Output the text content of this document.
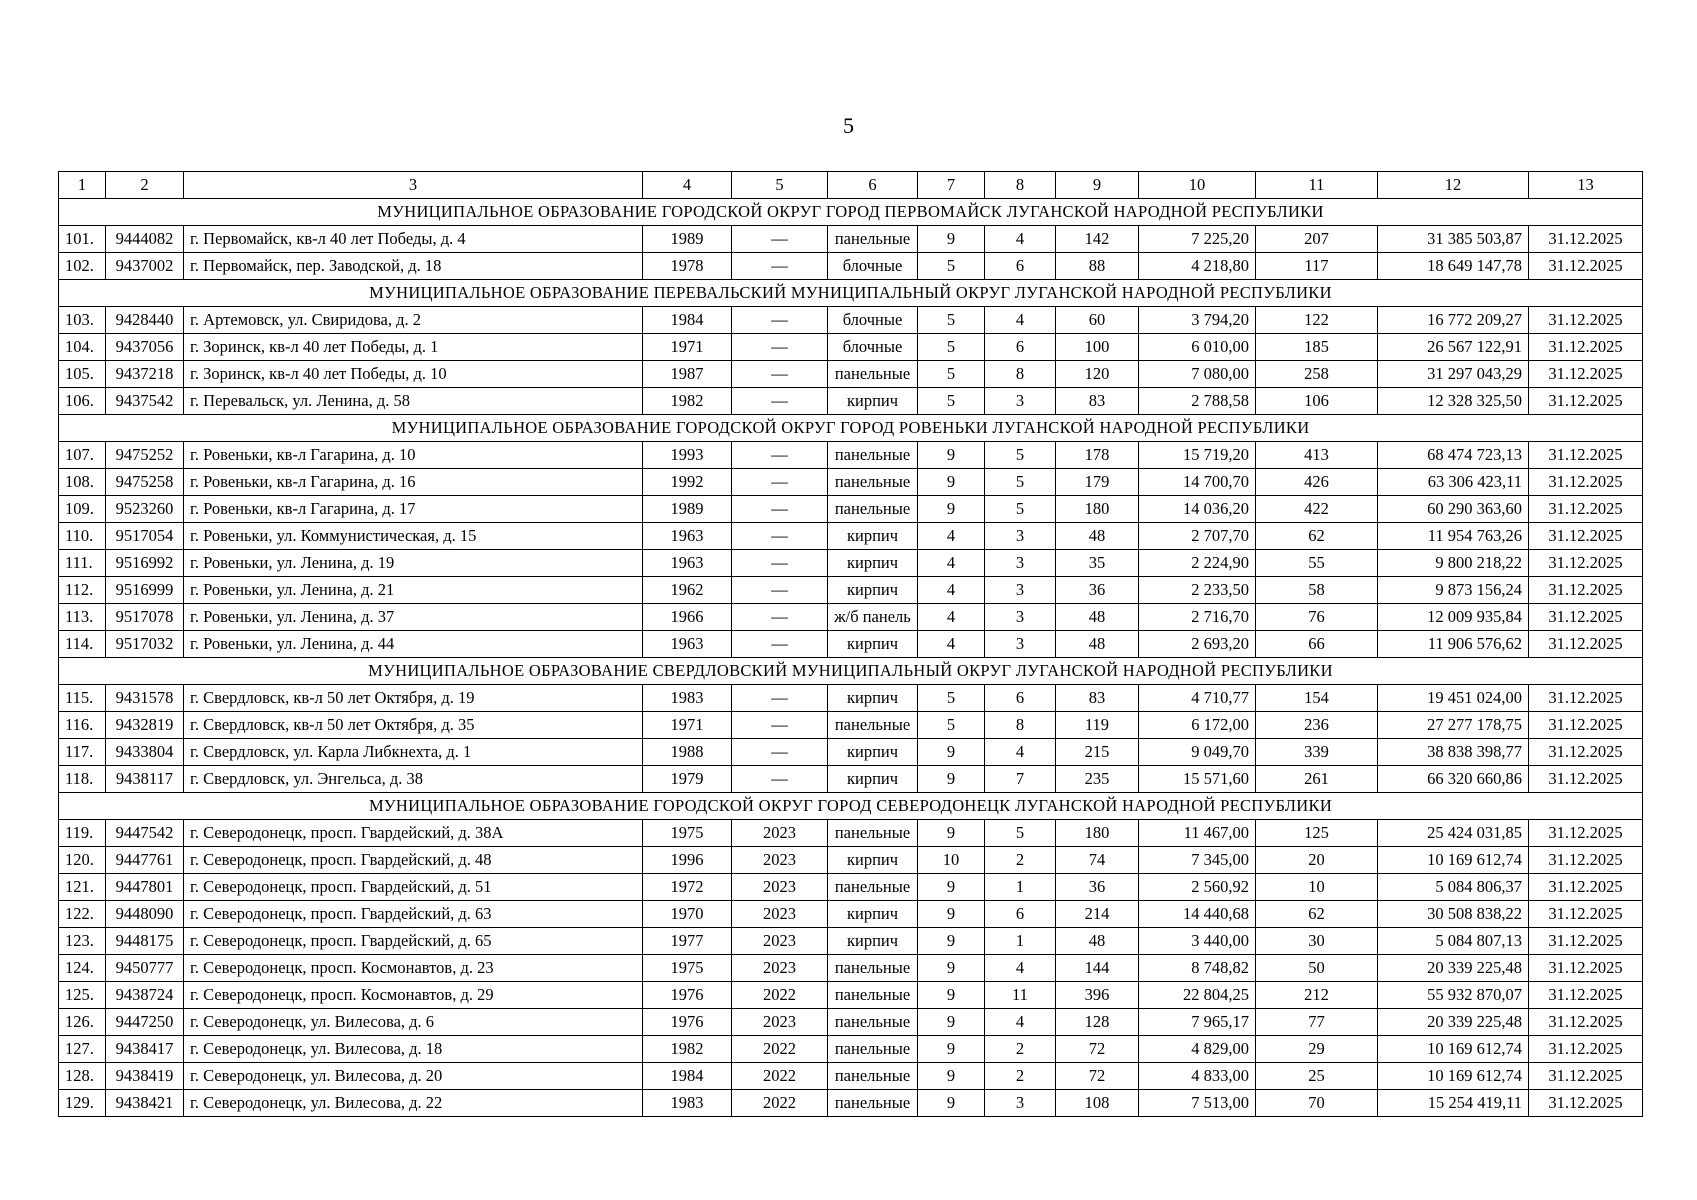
5
1	2	3	4	5	6	7	8	9	10	11	12	13
МУНИЦИПАЛЬНОЕ ОБРАЗОВАНИЕ ГОРОДСКОЙ ОКРУГ ГОРОД ПЕРВОМАЙСК ЛУГАНСКОЙ НАРОДНОЙ РЕСПУБЛИКИ												
101.	9444082	г. Первомайск, кв-л 40 лет Победы, д. 4	1989	—	панельные	9	4	142	7 225,20	207	31 385 503,87	31.12.2025
102.	9437002	г. Первомайск, пер. Заводской, д. 18	1978	—	блочные	5	6	88	4 218,80	117	18 649 147,78	31.12.2025
МУНИЦИПАЛЬНОЕ ОБРАЗОВАНИЕ ПЕРЕВАЛЬСКИЙ МУНИЦИПАЛЬНЫЙ ОКРУГ ЛУГАНСКОЙ НАРОДНОЙ РЕСПУБЛИКИ												
103.	9428440	г. Артемовск, ул. Свиридова, д. 2	1984	—	блочные	5	4	60	3 794,20	122	16 772 209,27	31.12.2025
104.	9437056	г. Зоринск, кв-л 40 лет Победы, д. 1	1971	—	блочные	5	6	100	6 010,00	185	26 567 122,91	31.12.2025
105.	9437218	г. Зоринск, кв-л 40 лет Победы, д. 10	1987	—	панельные	5	8	120	7 080,00	258	31 297 043,29	31.12.2025
106.	9437542	г. Перевальск, ул. Ленина, д. 58	1982	—	кирпич	5	3	83	2 788,58	106	12 328 325,50	31.12.2025
МУНИЦИПАЛЬНОЕ ОБРАЗОВАНИЕ ГОРОДСКОЙ ОКРУГ ГОРОД РОВЕНЬКИ ЛУГАНСКОЙ НАРОДНОЙ РЕСПУБЛИКИ												
107.	9475252	г. Ровеньки, кв-л Гагарина, д. 10	1993	—	панельные	9	5	178	15 719,20	413	68 474 723,13	31.12.2025
108.	9475258	г. Ровеньки, кв-л Гагарина, д. 16	1992	—	панельные	9	5	179	14 700,70	426	63 306 423,11	31.12.2025
109.	9523260	г. Ровеньки, кв-л Гагарина, д. 17	1989	—	панельные	9	5	180	14 036,20	422	60 290 363,60	31.12.2025
110.	9517054	г. Ровеньки, ул. Коммунистическая, д. 15	1963	—	кирпич	4	3	48	2 707,70	62	11 954 763,26	31.12.2025
111.	9516992	г. Ровеньки, ул. Ленина, д. 19	1963	—	кирпич	4	3	35	2 224,90	55	9 800 218,22	31.12.2025
112.	9516999	г. Ровеньки, ул. Ленина, д. 21	1962	—	кирпич	4	3	36	2 233,50	58	9 873 156,24	31.12.2025
113.	9517078	г. Ровеньки, ул. Ленина, д. 37	1966	—	ж/б панель	4	3	48	2 716,70	76	12 009 935,84	31.12.2025
114.	9517032	г. Ровеньки, ул. Ленина, д. 44	1963	—	кирпич	4	3	48	2 693,20	66	11 906 576,62	31.12.2025
МУНИЦИПАЛЬНОЕ ОБРАЗОВАНИЕ СВЕРДЛОВСКИЙ МУНИЦИПАЛЬНЫЙ ОКРУГ ЛУГАНСКОЙ НАРОДНОЙ РЕСПУБЛИКИ												
115.	9431578	г. Свердловск, кв-л 50 лет Октября, д. 19	1983	—	кирпич	5	6	83	4 710,77	154	19 451 024,00	31.12.2025
116.	9432819	г. Свердловск, кв-л 50 лет Октября, д. 35	1971	—	панельные	5	8	119	6 172,00	236	27 277 178,75	31.12.2025
117.	9433804	г. Свердловск, ул. Карла Либкнехта, д. 1	1988	—	кирпич	9	4	215	9 049,70	339	38 838 398,77	31.12.2025
118.	9438117	г. Свердловск, ул. Энгельса, д. 38	1979	—	кирпич	9	7	235	15 571,60	261	66 320 660,86	31.12.2025
МУНИЦИПАЛЬНОЕ ОБРАЗОВАНИЕ ГОРОДСКОЙ ОКРУГ ГОРОД СЕВЕРОДОНЕЦК ЛУГАНСКОЙ НАРОДНОЙ РЕСПУБЛИКИ												
119.	9447542	г. Северодонецк, просп. Гвардейский, д. 38А	1975	2023	панельные	9	5	180	11 467,00	125	25 424 031,85	31.12.2025
120.	9447761	г. Северодонецк, просп. Гвардейский, д. 48	1996	2023	кирпич	10	2	74	7 345,00	20	10 169 612,74	31.12.2025
121.	9447801	г. Северодонецк, просп. Гвардейский, д. 51	1972	2023	панельные	9	1	36	2 560,92	10	5 084 806,37	31.12.2025
122.	9448090	г. Северодонецк, просп. Гвардейский, д. 63	1970	2023	кирпич	9	6	214	14 440,68	62	30 508 838,22	31.12.2025
123.	9448175	г. Северодонецк, просп. Гвардейский, д. 65	1977	2023	кирпич	9	1	48	3 440,00	30	5 084 807,13	31.12.2025
124.	9450777	г. Северодонецк, просп. Космонавтов, д. 23	1975	2023	панельные	9	4	144	8 748,82	50	20 339 225,48	31.12.2025
125.	9438724	г. Северодонецк, просп. Космонавтов, д. 29	1976	2022	панельные	9	11	396	22 804,25	212	55 932 870,07	31.12.2025
126.	9447250	г. Северодонецк, ул. Вилесова, д. 6	1976	2023	панельные	9	4	128	7 965,17	77	20 339 225,48	31.12.2025
127.	9438417	г. Северодонецк, ул. Вилесова, д. 18	1982	2022	панельные	9	2	72	4 829,00	29	10 169 612,74	31.12.2025
128.	9438419	г. Северодонецк, ул. Вилесова, д. 20	1984	2022	панельные	9	2	72	4 833,00	25	10 169 612,74	31.12.2025
129.	9438421	г. Северодонецк, ул. Вилесова, д. 22	1983	2022	панельные	9	3	108	7 513,00	70	15 254 419,11	31.12.2025
